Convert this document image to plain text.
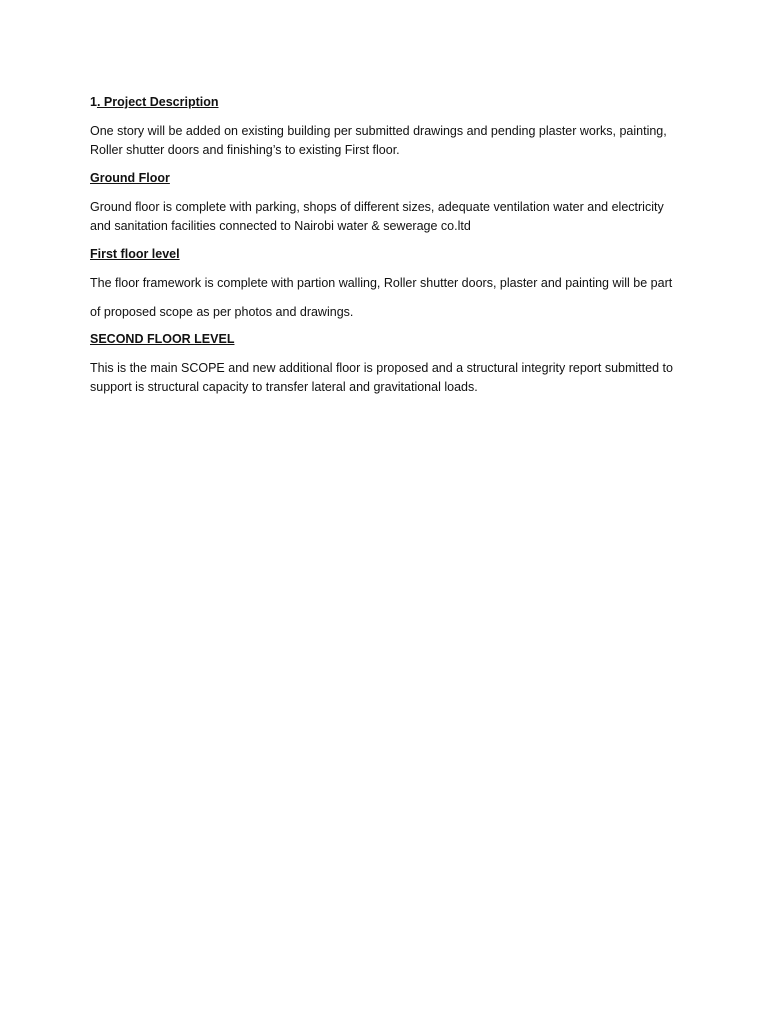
1. Project Description

One story will be added on existing building per submitted drawings and pending plaster works, painting, Roller shutter doors and finishing’s to existing First floor.

Ground Floor

Ground floor is complete with parking, shops of different sizes, adequate ventilation water and electricity and sanitation facilities connected to Nairobi water & sewerage co.ltd

First floor level

The floor framework is complete with partion walling, Roller shutter doors, plaster and painting will be part of proposed scope as per photos and drawings.

SECOND FLOOR LEVEL

This is the main SCOPE and new additional floor is proposed and a structural integrity report submitted to support is structural capacity to transfer lateral and gravitational loads.
